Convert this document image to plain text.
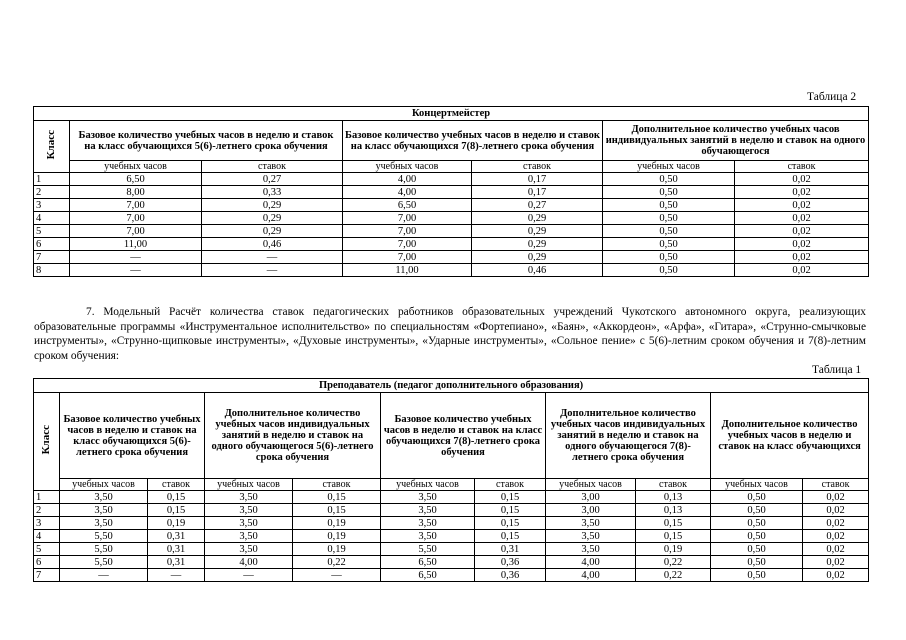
Таблица 2
Концертмейстер						
Класс	Базовое количество учебных часов в неделю и ставок на класс обучающихся 5(6)-летнего срока обучения		Базовое количество учебных часов в неделю и ставок на класс обучающихся 7(8)-летнего срока обучения		Дополнительное количество учебных часов индивидуальных занятий в неделю и ставок на одного обучающегося	
	учебных часов	ставок	учебных часов	ставок	учебных часов	ставок
1	6,50	0,27	4,00	0,17	0,50	0,02
2	8,00	0,33	4,00	0,17	0,50	0,02
3	7,00	0,29	6,50	0,27	0,50	0,02
4	7,00	0,29	7,00	0,29	0,50	0,02
5	7,00	0,29	7,00	0,29	0,50	0,02
6	11,00	0,46	7,00	0,29	0,50	0,02
7	—	—	7,00	0,29	0,50	0,02
8	—	—	11,00	0,46	0,50	0,02
7. Модельный Расчёт количества ставок педагогических работников образовательных учреждений Чукотского автономного округа, реализующих образовательные программы «Инструментальное исполнительство» по специальностям «Фортепиано», «Баян», «Аккордеон», «Арфа», «Гитара», «Струнно-смычковые инструменты», «Струнно-щипковые инструменты», «Духовые инструменты», «Ударные инструменты», «Сольное пение» с 5(6)-летним сроком обучения и 7(8)-летним сроком обучения:
Таблица 1
Преподаватель (педагог дополнительного образования)										
Класс	Базовое количество учебных часов в неделю и ставок на класс обучающихся 5(6)-летнего срока обучения		Дополнительное количество учебных часов индивидуальных занятий в неделю и ставок на одного обучающегося 5(6)-летнего срока обучения		Базовое количество учебных часов в неделю и ставок на класс обучающихся 7(8)-летнего срока обучения		Дополнительное количество учебных часов индивидуальных занятий в неделю и ставок на одного обучающегося 7(8)-летнего срока обучения		Дополнительное количество учебных часов в неделю и ставок на класс обучающихся	
	учебных часов	ставок	учебных часов	ставок	учебных часов	ставок	учебных часов	ставок	учебных часов	ставок
1	3,50	0,15	3,50	0,15	3,50	0,15	3,00	0,13	0,50	0,02
2	3,50	0,15	3,50	0,15	3,50	0,15	3,00	0,13	0,50	0,02
3	3,50	0,19	3,50	0,19	3,50	0,15	3,50	0,15	0,50	0,02
4	5,50	0,31	3,50	0,19	3,50	0,15	3,50	0,15	0,50	0,02
5	5,50	0,31	3,50	0,19	5,50	0,31	3,50	0,19	0,50	0,02
6	5,50	0,31	4,00	0,22	6,50	0,36	4,00	0,22	0,50	0,02
7	—	—	—	—	6,50	0,36	4,00	0,22	0,50	0,02
